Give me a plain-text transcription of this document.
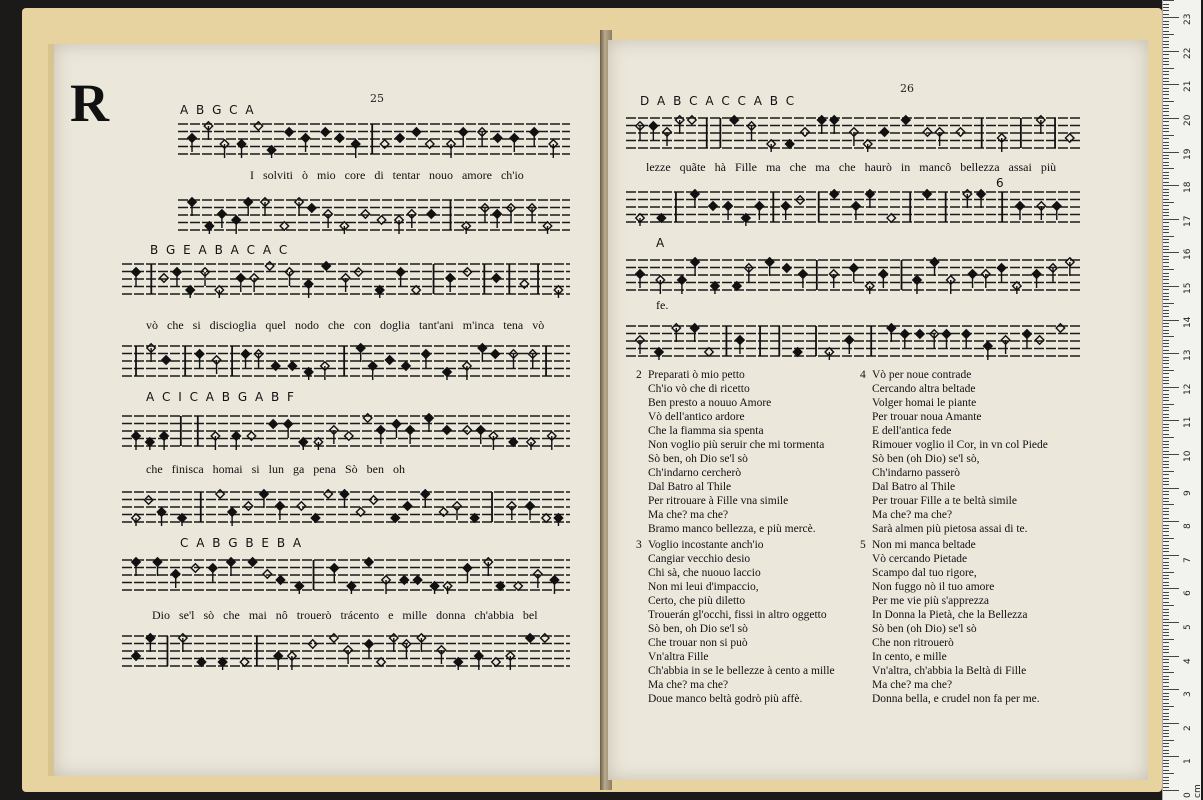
25
26
R	A B G C A
I solviti ò mio core di tentar nouo amore ch'io
B G E A B A C A C
vò che si discioglia quel nodo che con doglia tant'ani m'inca tena vò
A C I C A B G A B F
che finisca homai si lun ga pena Sò ben oh
C A B G B E B A
Dio se'l sò che mai nô trouerò trácento e mille donna ch'abbia bel
D A B C A C C A B C
lezze quãte hà Fille ma che ma che haurò in mancô bellezza assai più
6
A
fe.
2 Preparati ò mio petto
Ch'io vò che di ricetto
Ben presto a nouuo Amore
Vò dell'antico ardore
Che la fiamma sia spenta
Non voglio più seruir che mi tormenta
Sò ben, oh Dio se'l sò
Ch'indarno cercherò
Dal Batro al Thile
Per ritrouare à Fille vna simile
Ma che? ma che?
Bramo manco bellezza, e più mercè.
3 Voglio incostante anch'io
Cangiar vecchio desio
Chi sà, che nuouo laccio
Non mi leui d'impaccio,
Certo, che più diletto
Trouerán gl'occhi, fissi in altro oggetto
Sò ben, oh Dio se'l sò
Che trouar non si può
Vn'altra Fille
Ch'abbia in se le bellezze à cento a mille
Ma che? ma che?
Doue manco beltà godrò più affè.
4 Vò per noue contrade
Cercando altra beltade
Volger homai le piante
Per trouar noua Amante
E dell'antica fede
Rimouer voglio il Cor, in vn col Piede
Sò ben (oh Dio) se'l sò,
Ch'indarno passerò
Dal Batro al Thile
Per trouar Fille a te beltà simile
Ma che? ma che?
Sarà almen più pietosa assai di te.
5 Non mi manca beltade
Vò cercando Pietade
Scampo dal tuo rigore,
Non fuggo nò il tuo amore
Per me vie più s'apprezza
In Donna la Pietà, che la Bellezza
Sò ben (oh Dio) se'l sò
Che non ritrouerò
In cento, e mille
Vn'altra, ch'abbia la Beltà di Fille
Ma che? ma che?
Donna bella, e crudel non fa per me.
0 cm
1
2
3
4
5
6
7
8
9
10
11
12
13
14
15
16
17
18
19
20
21
22
23
